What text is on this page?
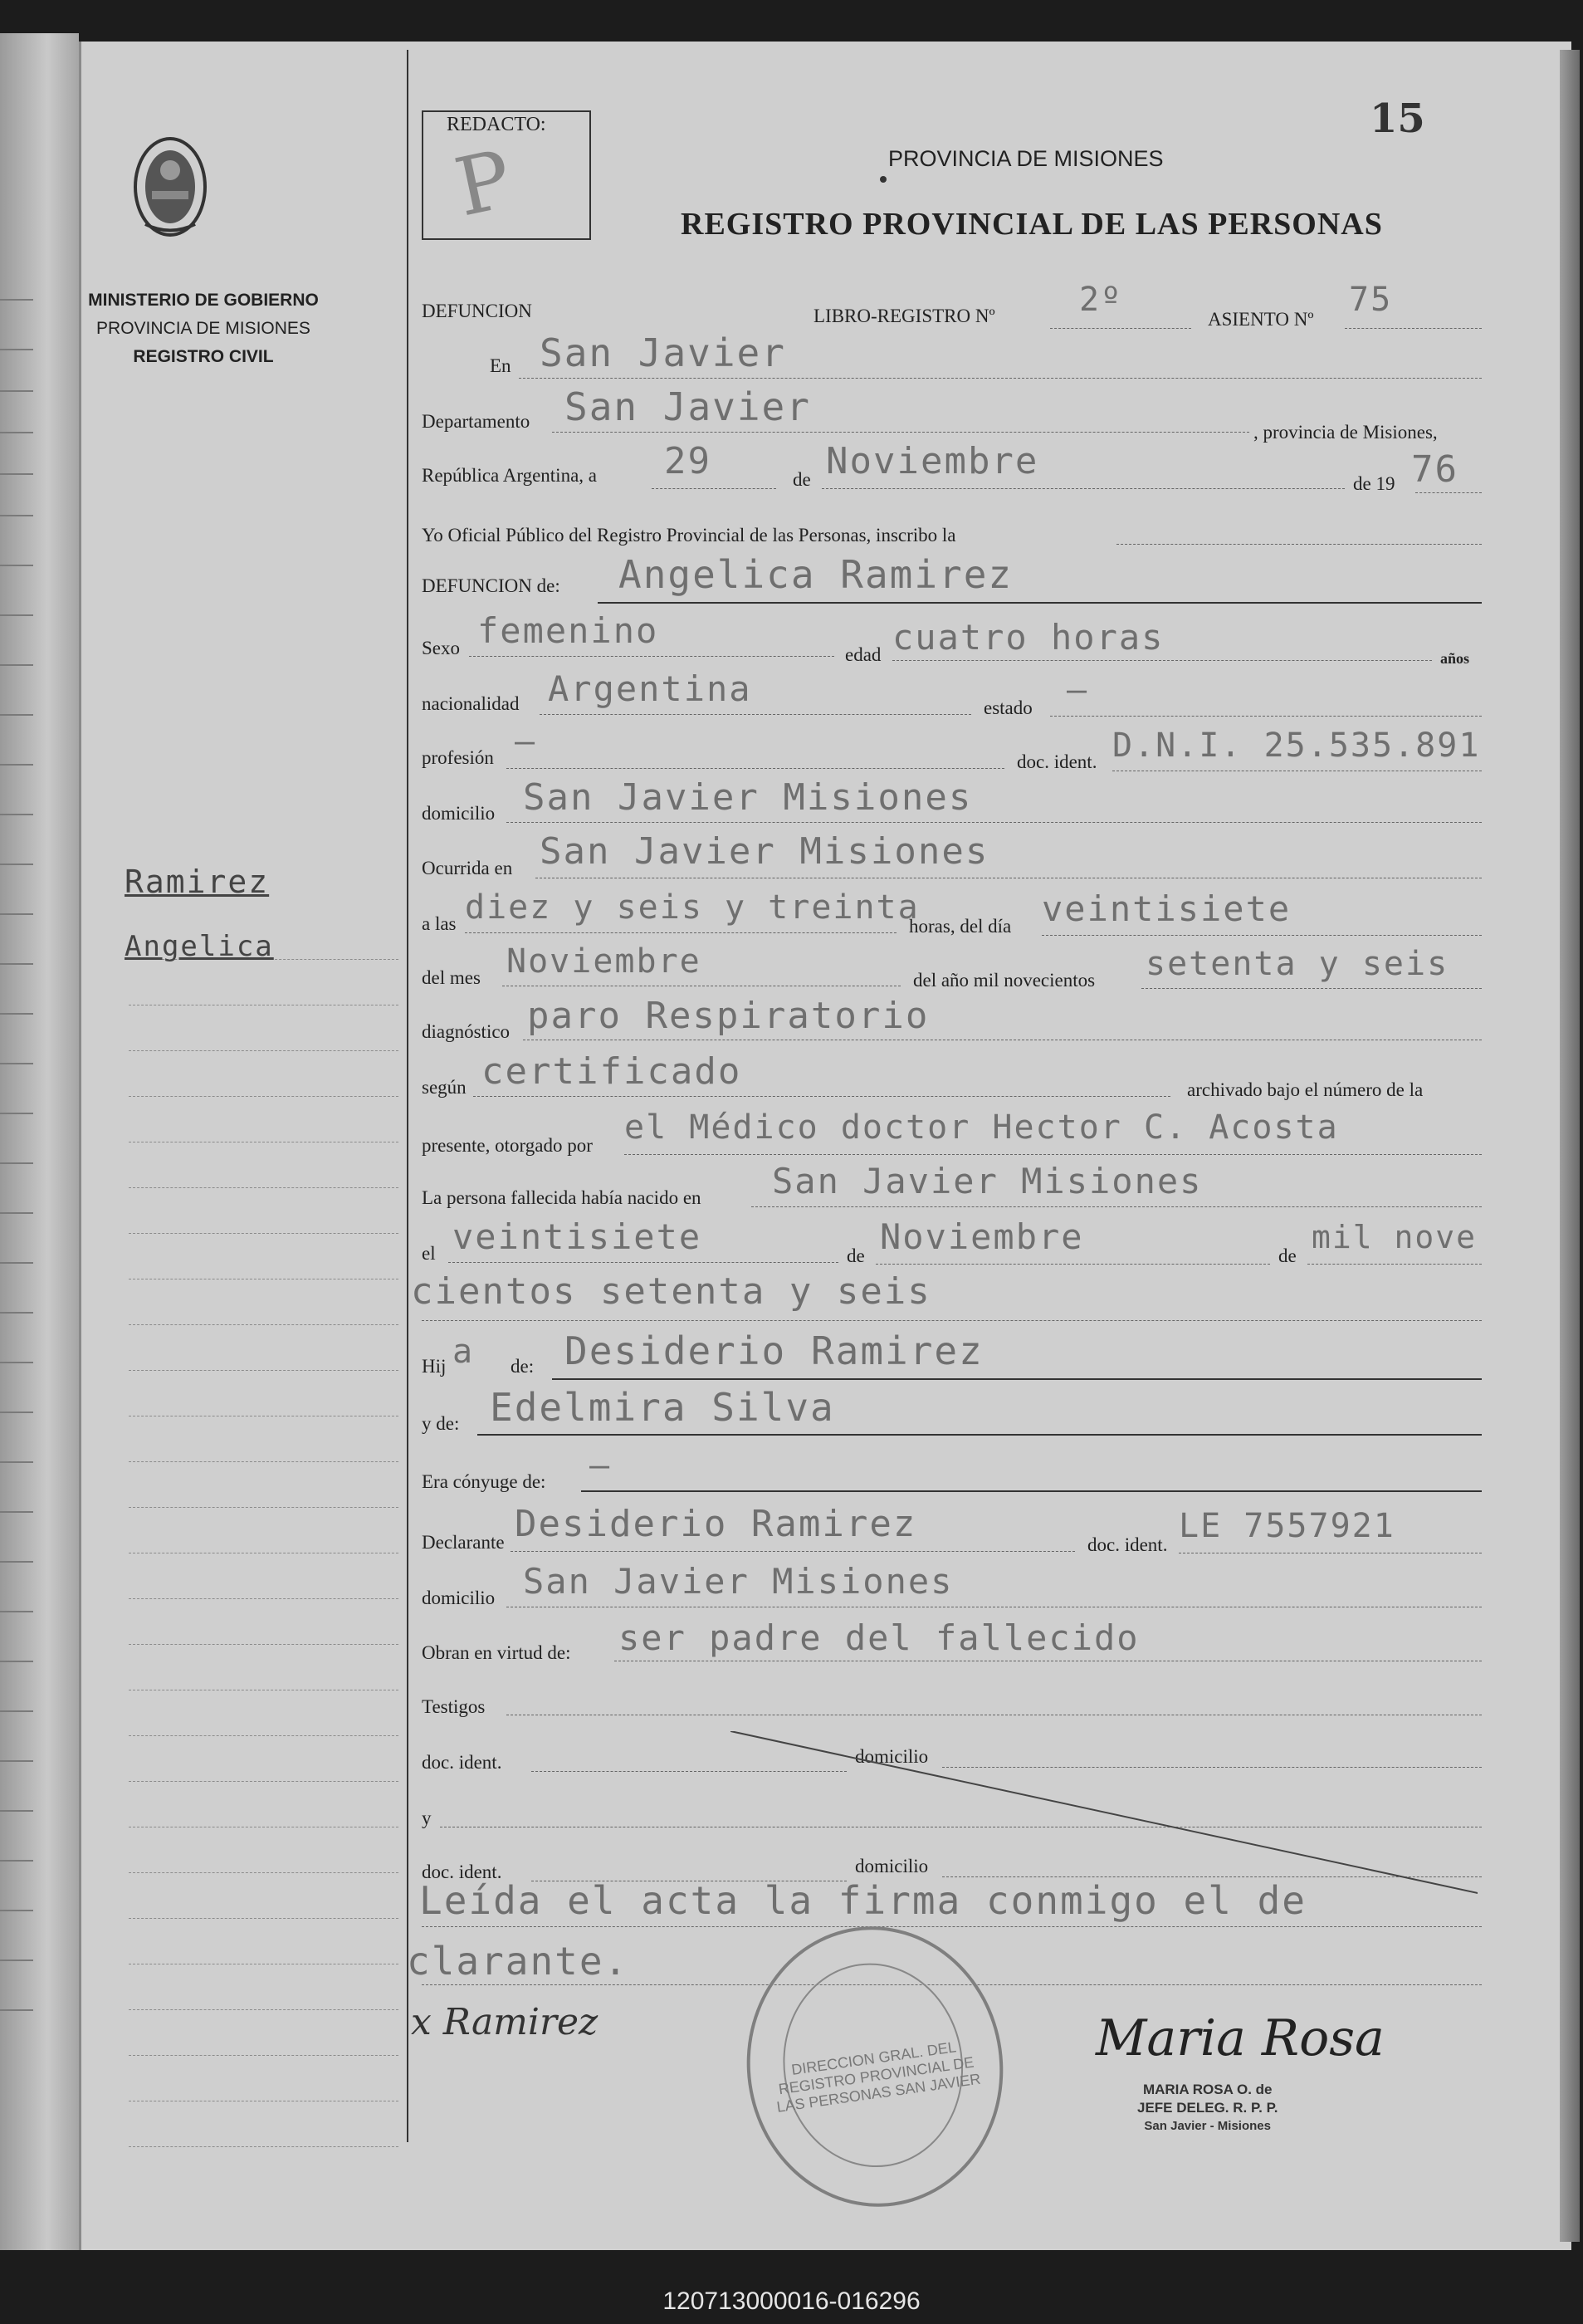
MINISTERIO DE GOBIERNO
PROVINCIA DE MISIONES
REGISTRO CIVIL
Ramirez
Angelica
REDACTO:
P
15
PROVINCIA DE MISIONES
REGISTRO PROVINCIAL DE LAS PERSONAS
DEFUNCION	LIBRO-REGISTRO Nº	2º
ASIENTO Nº
75
En San Javier
Departamento San Javier
, provincia de Misiones,
República Argentina, a 29	de Noviembre
de 19 76
Yo Oficial Público del Registro Provincial de las Personas, inscribo la
DEFUNCION de: Angelica Ramirez
Sexo femenino
edad cuatro horas
años
nacionalidad Argentina	estado —
profesión —
doc. ident. D.N.I. 25.535.891
domicilio San Javier Misiones
Ocurrida en San Javier Misiones
a las diez y seis y treinta
horas, del día veintisiete
del mes Noviembre	del año mil novecientos setenta y seis
diagnóstico paro Respiratorio
según certificado	archivado bajo el número de la
presente, otorgado por el Médico doctor Hector C. Acosta
La persona fallecida había nacido en San Javier Misiones
el veintisiete	de Noviembre	de
mil nove
cientos setenta y seis
Hij a de: Desiderio Ramirez
y de: Edelmira Silva
Era cónyuge de: —
Declarante Desiderio Ramirez	doc. ident. LE 7557921
domicilio San Javier Misiones
Obran en virtud de: ser padre del fallecido
Testigos
doc. ident.	domicilio
y
doc. ident.	domicilio
Leída el acta la firma conmigo el de
clarante.
DIRECCION GRAL. DEL REGISTRO PROVINCIAL DE LAS PERSONAS SAN JAVIER
x Ramirez	Maria Rosa
MARIA ROSA O. de
JEFE DELEG. R. P. P.
San Javier - Misiones
120713000016-016296
